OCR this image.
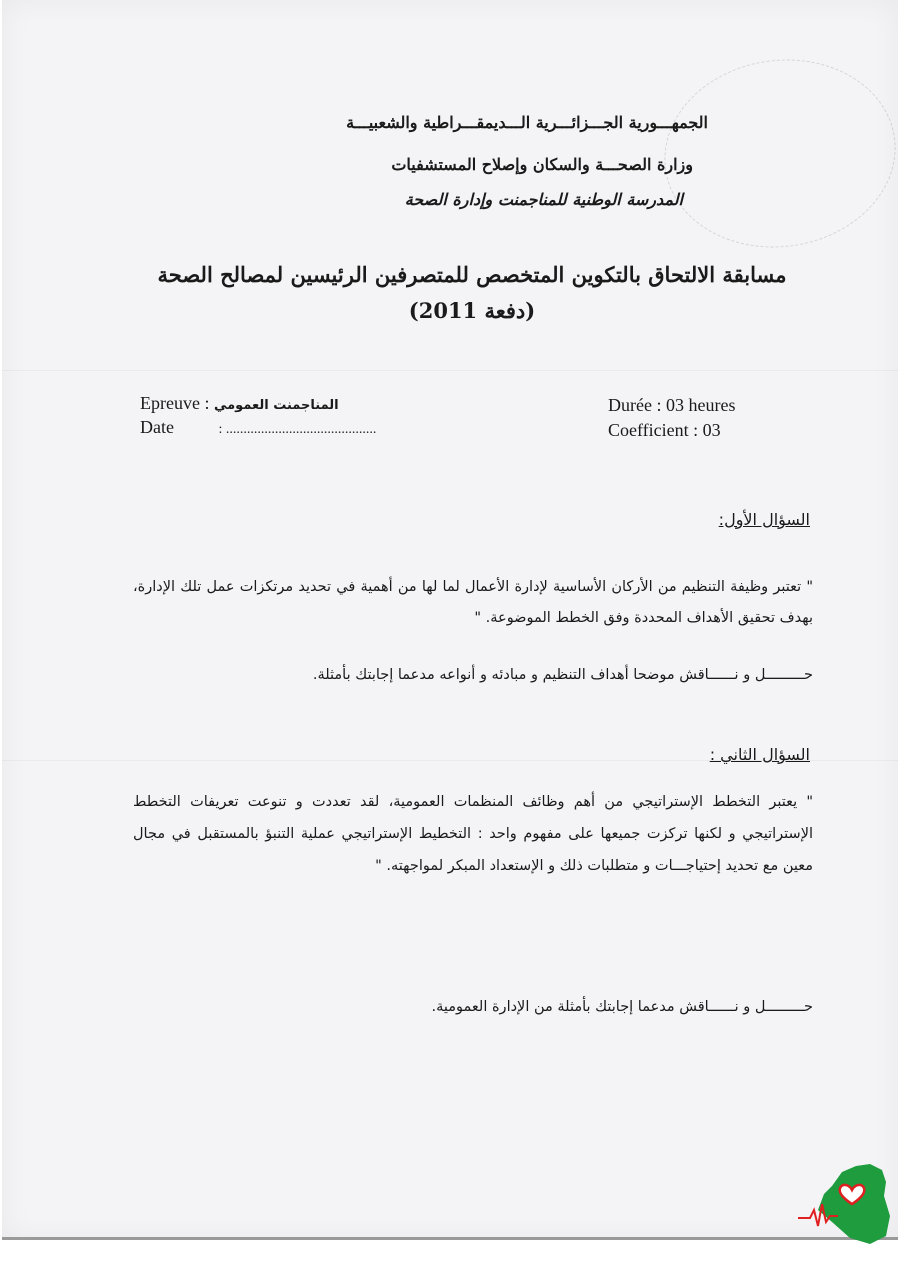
الجمهـــورية الجـــزائـــرية الـــديمقـــراطية والشعبيـــة
وزارة الصحـــة والسكان وإصلاح المستشفيات
المدرسة الوطنية للمناجمنت وإدارة الصحة
مسابقة الالتحاق بالتكوين المتخصص للمتصرفين الرئيسين لمصالح الصحة
(دفعة 2011)
Epreuve : المناجمنت العمومي
Date	: ...........................................
Durée : 03 heures
Coefficient : 03
السؤال الأول:
" تعتبر وظيفة التنظيم من الأركان الأساسية لإدارة الأعمال لما لها من أهمية في تحديد مرتكزات عمل تلك الإدارة، بهدف تحقيق الأهداف المحددة وفق الخطط الموضوعة. "
حـــــــــل و نــــــاقش موضحا أهداف التنظيم و مبادئه و أنواعه مدعما إجابتك بأمثلة.
السؤال الثاني :
" يعتبر التخطط الإستراتيجي من أهم وظائف المنظمات العمومية، لقد تعددت و تنوعت تعريفات التخطط الإستراتيجي و لكنها تركزت جميعها على مفهوم واحد : التخطيط الإستراتيجي عملية التنبؤ بالمستقبل في مجال معين مع تحديد إحتياجـــات و متطلبات ذلك و الإستعداد المبكر لمواجهته. "
حـــــــــل و نــــــاقش مدعما إجابتك بأمثلة من الإدارة العمومية.
